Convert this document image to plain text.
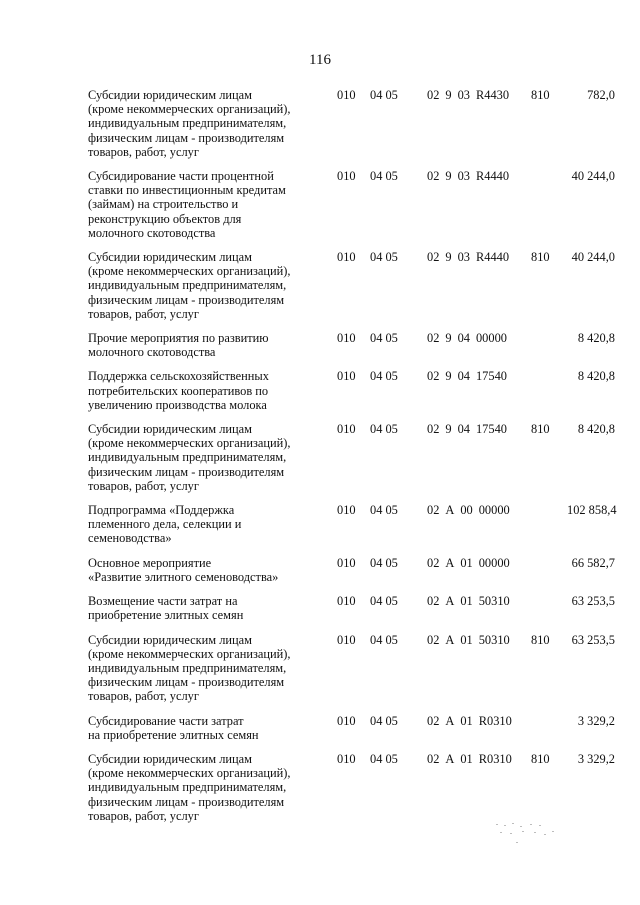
116
Субсидии юридическим лицам
(кроме некоммерческих организаций),
индивидуальным предпринимателям,
физическим лицам - производителям
товаров, работ, услуг	010	04 05	02 9 03 R4430	810	782,0

Субсидирование части процентной
ставки по инвестиционным кредитам
(займам) на строительство и
реконструкцию объектов для
молочного скотоводства	010	04 05	02 9 03 R4440		40 244,0

Субсидии юридическим лицам
(кроме некоммерческих организаций),
индивидуальным предпринимателям,
физическим лицам - производителям
товаров, работ, услуг	010	04 05	02 9 03 R4440	810	40 244,0

Прочие мероприятия по развитию
молочного скотоводства	010	04 05	02 9 04 00000		8 420,8

Поддержка сельскохозяйственных
потребительских кооперативов по
увеличению производства молока	010	04 05	02 9 04 17540		8 420,8

Субсидии юридическим лицам
(кроме некоммерческих организаций),
индивидуальным предпринимателям,
физическим лицам - производителям
товаров, работ, услуг	010	04 05	02 9 04 17540	810	8 420,8

Подпрограмма «Поддержка
племенного дела, селекции и
семеноводства»	010	04 05	02 А 00 00000		102 858,4

Основное мероприятие
«Развитие элитного семеноводства»	010	04 05	02 А 01 00000		66 582,7

Возмещение части затрат на
приобретение элитных семян	010	04 05	02 А 01 50310		63 253,5

Субсидии юридическим лицам
(кроме некоммерческих организаций),
индивидуальным предпринимателям,
физическим лицам - производителям
товаров, работ, услуг	010	04 05	02 А 01 50310	810	63 253,5

Субсидирование части затрат
на приобретение элитных семян	010	04 05	02 А 01 R0310		3 329,2

Субсидии юридическим лицам
(кроме некоммерческих организаций),
индивидуальным предпринимателям,
физическим лицам - производителям
товаров, работ, услуг	010	04 05	02 А 01 R0310	810	3 329,2
